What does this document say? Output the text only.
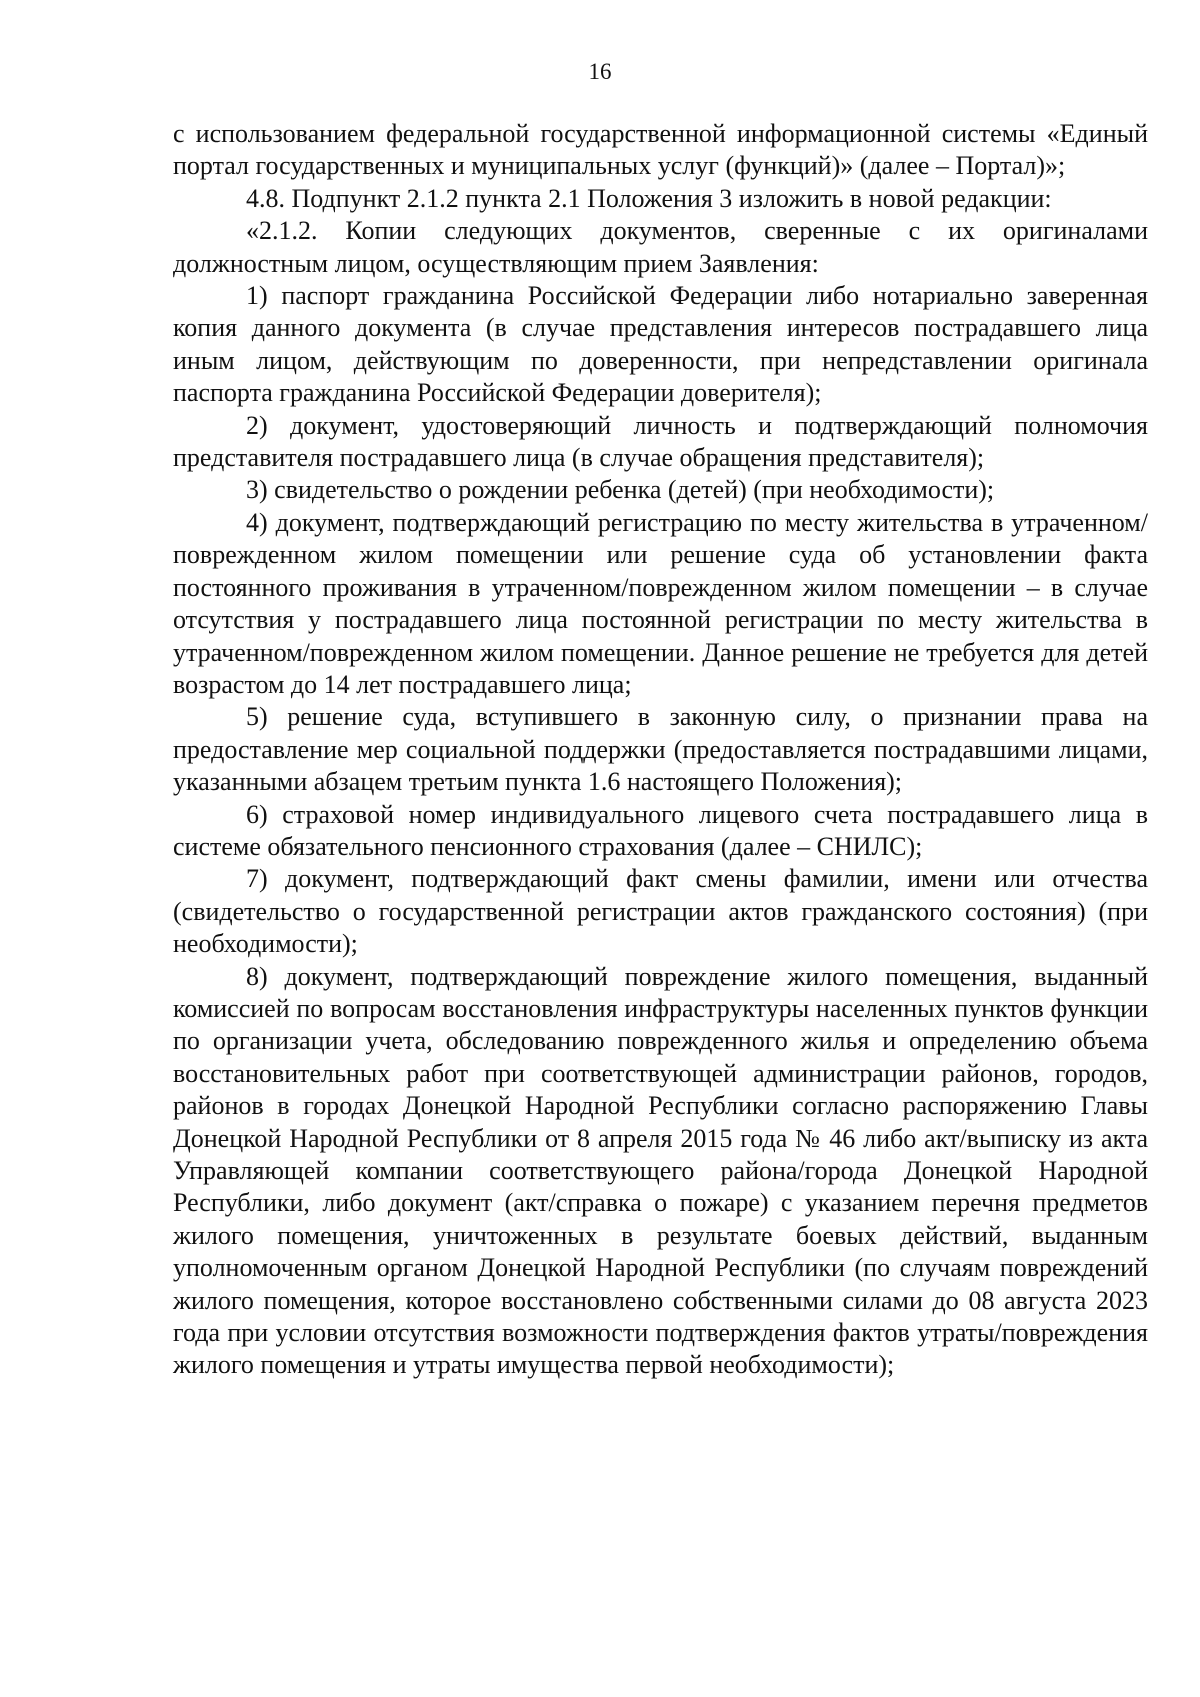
16

с использованием федеральной государственной информационной системы «Единый портал государственных и муниципальных услуг (функций)» (далее – Портал)»;

4.8. Подпункт 2.1.2 пункта 2.1 Положения 3 изложить в новой редакции:

«2.1.2. Копии следующих документов, сверенные с их оригиналами должностным лицом, осуществляющим прием Заявления:

1) паспорт гражданина Российской Федерации либо нотариально заверенная копия данного документа (в случае представления интересов пострадавшего лица иным лицом, действующим по доверенности, при непредставлении оригинала паспорта гражданина Российской Федерации доверителя);

2) документ, удостоверяющий личность и подтверждающий полномочия представителя пострадавшего лица (в случае обращения представителя);

3) свидетельство о рождении ребенка (детей) (при необходимости);

4) документ, подтверждающий регистрацию по месту жительства в утраченном/поврежденном жилом помещении или решение суда об установлении факта постоянного проживания в утраченном/поврежденном жилом помещении – в случае отсутствия у пострадавшего лица постоянной регистрации по месту жительства в утраченном/поврежденном жилом помещении. Данное решение не требуется для детей возрастом до 14 лет пострадавшего лица;

5) решение суда, вступившего в законную силу, о признании права на предоставление мер социальной поддержки (предоставляется пострадавшими лицами, указанными абзацем третьим пункта 1.6 настоящего Положения);

6) страховой номер индивидуального лицевого счета пострадавшего лица в системе обязательного пенсионного страхования (далее – СНИЛС);

7) документ, подтверждающий факт смены фамилии, имени или отчества (свидетельство о государственной регистрации актов гражданского состояния) (при необходимости);

8) документ, подтверждающий повреждение жилого помещения, выданный комиссией по вопросам восстановления инфраструктуры населенных пунктов функции по организации учета, обследованию поврежденного жилья и определению объема восстановительных работ при соответствующей администрации районов, городов, районов в городах Донецкой Народной Республики согласно распоряжению Главы Донецкой Народной Республики от 8 апреля 2015 года № 46 либо акт/выписку из акта Управляющей компании соответствующего района/города Донецкой Народной Республики, либо документ (акт/справка о пожаре) с указанием перечня предметов жилого помещения, уничтоженных в результате боевых действий, выданным уполномоченным органом Донецкой Народной Республики (по случаям повреждений жилого помещения, которое восстановлено собственными силами до 08 августа 2023 года при условии отсутствия возможности подтверждения фактов утраты/повреждения жилого помещения и утраты имущества первой необходимости);
